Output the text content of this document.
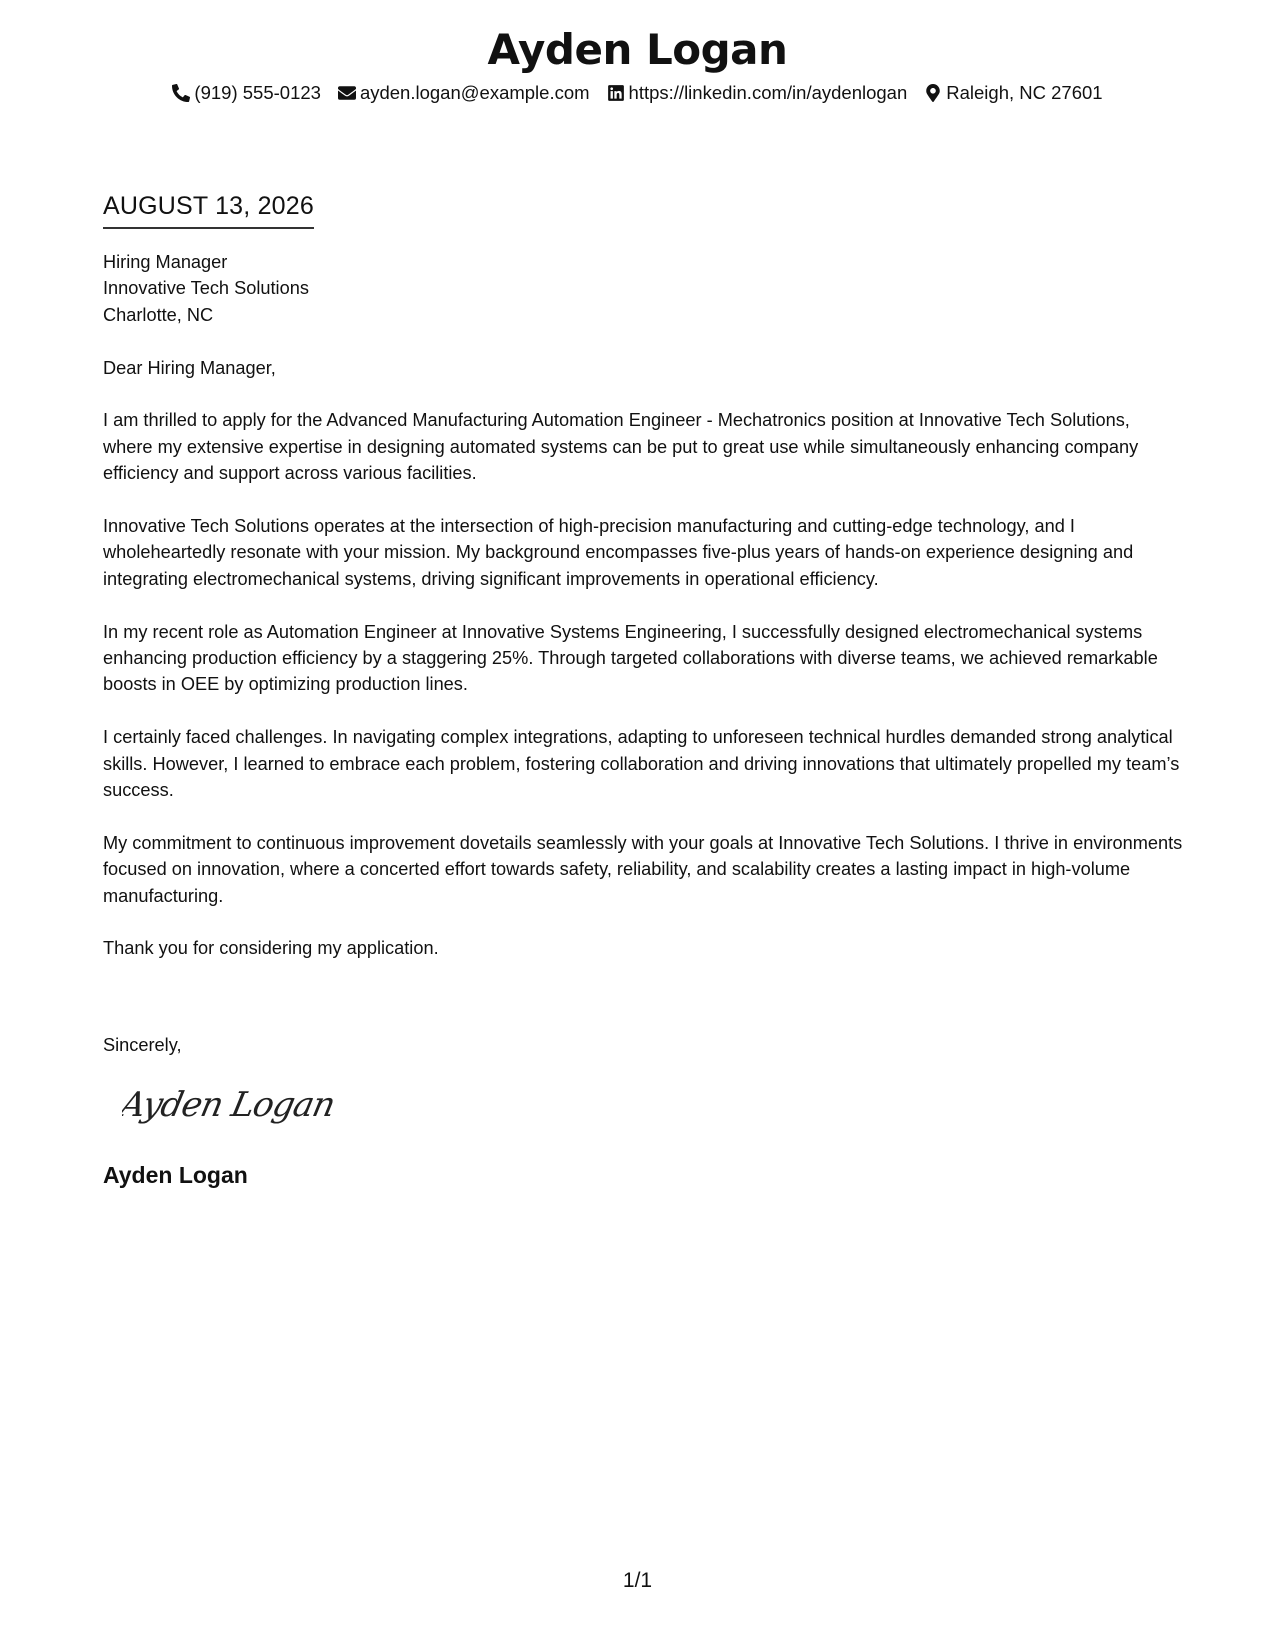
Ayden Logan
(919) 555-0123 ayden.logan@example.com https://linkedin.com/in/aydenlogan Raleigh, NC 27601
AUGUST 13, 2026

Hiring Manager

Innovative Tech Solutions

Charlotte, NC

Dear Hiring Manager,

I am thrilled to apply for the Advanced Manufacturing Automation Engineer - Mechatronics position at Innovative Tech Solutions, where my extensive expertise in designing automated systems can be put to great use while simultaneously enhancing company efficiency and support across various facilities.

Innovative Tech Solutions operates at the intersection of high-precision manufacturing and cutting-edge technology, and I wholeheartedly resonate with your mission. My background encompasses five-plus years of hands-on experience designing and integrating electromechanical systems, driving significant improvements in operational efficiency.

In my recent role as Automation Engineer at Innovative Systems Engineering, I successfully designed electromechanical systems enhancing production efficiency by a staggering 25%. Through targeted collaborations with diverse teams, we achieved remarkable boosts in OEE by optimizing production lines.

I certainly faced challenges. In navigating complex integrations, adapting to unforeseen technical hurdles demanded strong analytical skills. However, I learned to embrace each problem, fostering collaboration and driving innovations that ultimately propelled my team’s success.

My commitment to continuous improvement dovetails seamlessly with your goals at Innovative Tech Solutions. I thrive in environments focused on innovation, where a concerted effort towards safety, reliability, and scalability creates a lasting impact in high-volume manufacturing.

Thank you for considering my application.

Sincerely,

Ayden Logan
Ayden Logan
1/1
